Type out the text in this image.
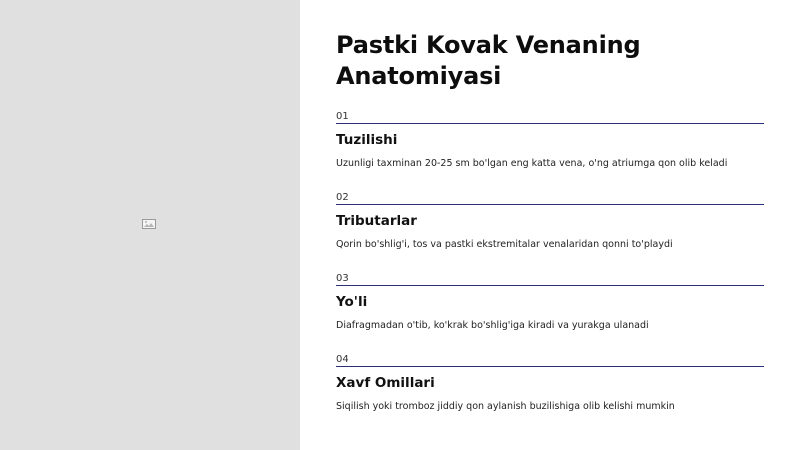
Pastki Kovak Venaning Anatomiyasi
01
Tuzilishi
Uzunligi taxminan 20-25 sm bo'lgan eng katta vena, o'ng atriumga qon olib keladi
02
Tributarlar
Qorin bo'shlig'i, tos va pastki ekstremitalar venalaridan qonni to'playdi
03
Yo'li
Diafragmadan o'tib, ko'krak bo'shlig'iga kiradi va yurakga ulanadi
04
Xavf Omillari
Siqilish yoki tromboz jiddiy qon aylanish buzilishiga olib kelishi mumkin
